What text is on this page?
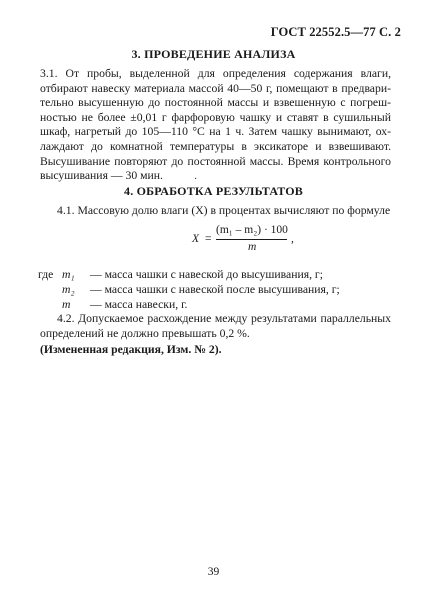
ГОСТ 22552.5—77 С. 2
3. ПРОВЕДЕНИЕ АНАЛИЗА
3.1. От пробы, выделенной для определения содержания влаги,
отбирают навеску материала массой 40—50 г, помещают в предвари-
тельно высушенную до постоянной массы и взвешенную с погреш-
ностью не более ±0,01 г фарфоровую чашку и ставят в сушильный
шкаф, нагретый до 105—110 °С на 1 ч. Затем чашку вынимают, ох-
лаждают до комнатной температуры в эксикаторе и взвешивают.
Высушивание повторяют до постоянной массы. Время контрольного
высушивания — 30 мин.	·
4. ОБРАБОТКА РЕЗУЛЬТАТОВ
4.1. Массовую долю влаги (X) в процентах вычисляют по формуле
X =
(m₁ – m₂) · 100
m
,
где m₁ — масса чашки с навеской до высушивания, г;
m₂ — масса чашки с навеской после высушивания, г;
m — масса навески, г.
4.2. Допускаемое расхождение между результатами параллельных
определений не должно превышать 0,2 %.
(Измененная редакция, Изм. № 2).
39
